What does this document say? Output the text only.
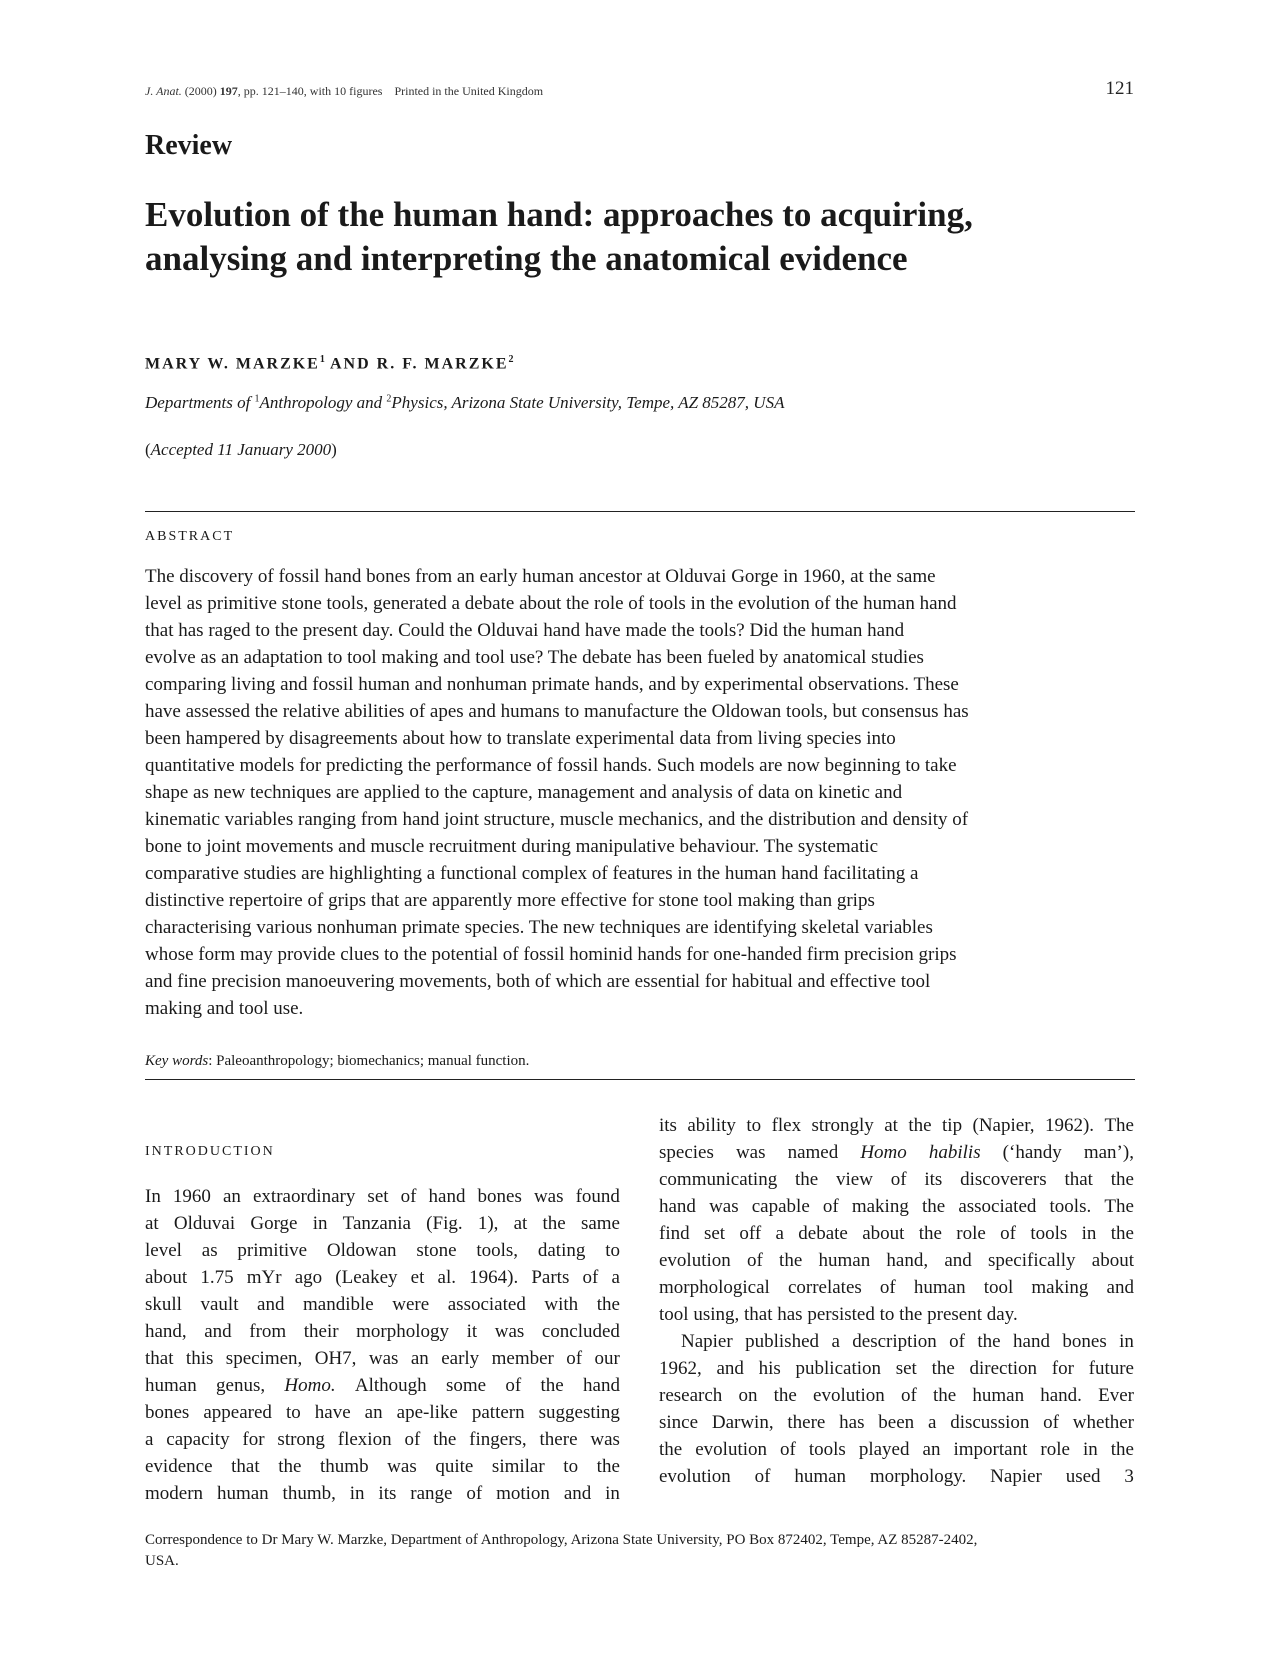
J. Anat. (2000) 197, pp. 121–140, with 10 figures Printed in the United Kingdom	121
Review
Evolution of the human hand: approaches to acquiring,
analysing and interpreting the anatomical evidence
MARY W. MARZKE$^1$ AND R. F. MARZKE$^2$
Departments of $^1$Anthropology and $^2$Physics, Arizona State University, Tempe, AZ 85287, USA
(Accepted 11 January 2000)
ABSTRACT

The discovery of fossil hand bones from an early human ancestor at Olduvai Gorge in 1960, at the same
level as primitive stone tools, generated a debate about the role of tools in the evolution of the human hand
that has raged to the present day. Could the Olduvai hand have made the tools? Did the human hand
evolve as an adaptation to tool making and tool use? The debate has been fueled by anatomical studies
comparing living and fossil human and nonhuman primate hands, and by experimental observations. These
have assessed the relative abilities of apes and humans to manufacture the Oldowan tools, but consensus has
been hampered by disagreements about how to translate experimental data from living species into
quantitative models for predicting the performance of fossil hands. Such models are now beginning to take
shape as new techniques are applied to the capture, management and analysis of data on kinetic and
kinematic variables ranging from hand joint structure, muscle mechanics, and the distribution and density of
bone to joint movements and muscle recruitment during manipulative behaviour. The systematic
comparative studies are highlighting a functional complex of features in the human hand facilitating a
distinctive repertoire of grips that are apparently more effective for stone tool making than grips
characterising various nonhuman primate species. The new techniques are identifying skeletal variables
whose form may provide clues to the potential of fossil hominid hands for one-handed firm precision grips
and fine precision manoeuvering movements, both of which are essential for habitual and effective tool
making and tool use.

Key words: Paleoanthropology; biomechanics; manual function.
INTRODUCTION
In 1960 an extraordinary set of hand bones was found
at Olduvai Gorge in Tanzania (Fig. 1), at the same
level as primitive Oldowan stone tools, dating to
about 1.75 mYr ago (Leakey et al. 1964). Parts of a
skull vault and mandible were associated with the
hand, and from their morphology it was concluded
that this specimen, OH7, was an early member of our
human genus, Homo. Although some of the hand
bones appeared to have an ape-like pattern suggesting
a capacity for strong flexion of the fingers, there was
evidence that the thumb was quite similar to the
modern human thumb, in its range of motion and in
its ability to flex strongly at the tip (Napier, 1962). The
species was named Homo habilis (‘handy man’),
communicating the view of its discoverers that the
hand was capable of making the associated tools. The
find set off a debate about the role of tools in the
evolution of the human hand, and specifically about
morphological correlates of human tool making and
tool using, that has persisted to the present day.
Napier published a description of the hand bones in
1962, and his publication set the direction for future
research on the evolution of the human hand. Ever
since Darwin, there has been a discussion of whether
the evolution of tools played an important role in the
evolution of human morphology. Napier used 3
Correspondence to Dr Mary W. Marzke, Department of Anthropology, Arizona State University, PO Box 872402, Tempe, AZ 85287-2402,
USA.
